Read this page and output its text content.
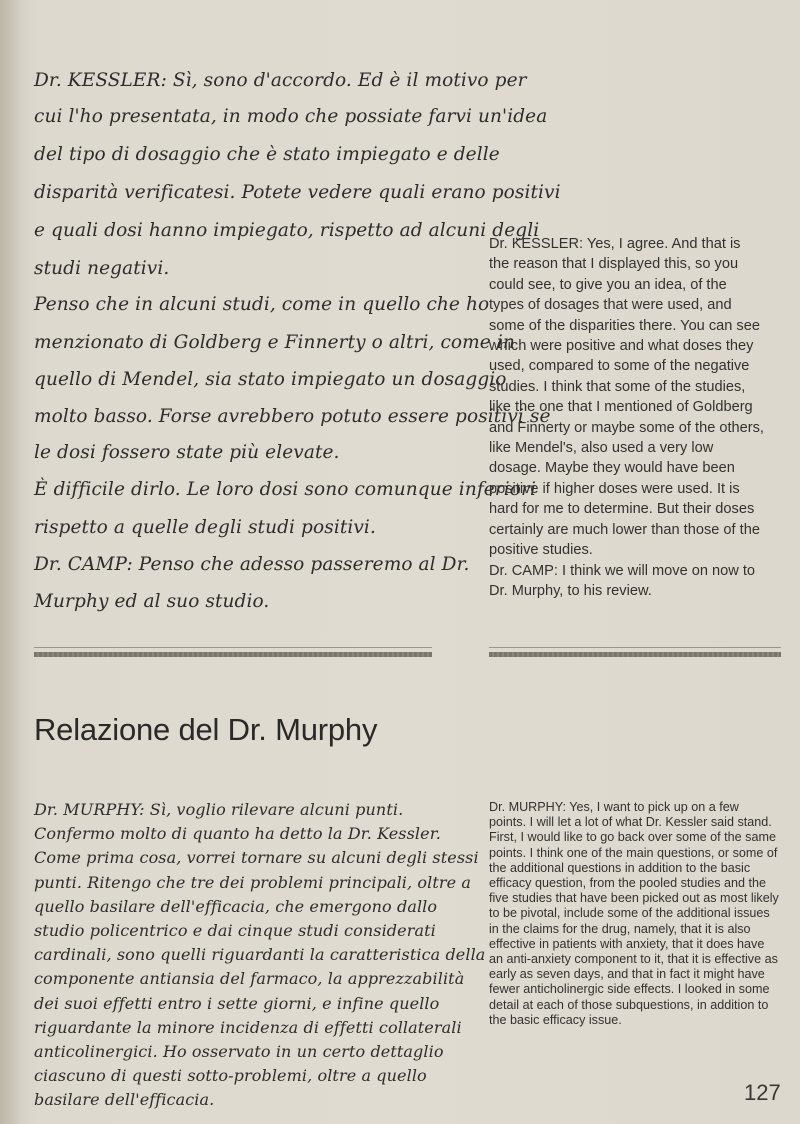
Dr. KESSLER: Sì, sono d'accordo. Ed è il motivo per
cui l'ho presentata, in modo che possiate farvi un'idea
del tipo di dosaggio che è stato impiegato e delle
disparità verificatesi. Potete vedere quali erano positivi
e quali dosi hanno impiegato, rispetto ad alcuni degli
studi negativi.
Penso che in alcuni studi, come in quello che ho
menzionato di Goldberg e Finnerty o altri, come in
quello di Mendel, sia stato impiegato un dosaggio
molto basso. Forse avrebbero potuto essere positivi se
le dosi fossero state più elevate.
È difficile dirlo. Le loro dosi sono comunque inferiori
rispetto a quelle degli studi positivi.
Dr. CAMP: Penso che adesso passeremo al Dr.
Murphy ed al suo studio.

Dr. KESSLER: Yes, I agree. And that is the reason that I displayed this, so you could see, to give you an idea, of the types of dosages that were used, and some of the disparities there. You can see which were positive and what doses they used, compared to some of the negative studies. I think that some of the studies, like the one that I mentioned of Goldberg and Finnerty or maybe some of the others, like Mendel's, also used a very low dosage. Maybe they would have been positive if higher doses were used. It is hard for me to determine. But their doses certainly are much lower than those of the positive studies.

Dr. CAMP: I think we will move on now to Dr. Murphy, to his review.

Relazione del Dr. Murphy
Dr. MURPHY: Sì, voglio rilevare alcuni punti.
Confermo molto di quanto ha detto la Dr. Kessler.
Come prima cosa, vorrei tornare su alcuni degli stessi
punti. Ritengo che tre dei problemi principali, oltre a
quello basilare dell'efficacia, che emergono dallo
studio policentrico e dai cinque studi considerati
cardinali, sono quelli riguardanti la caratteristica della
componente antiansia del farmaco, la apprezzabilità

Dr. MURPHY: Yes, I want to pick up on a few points. I will let a lot of what Dr. Kessler said stand. First, I would like to go back over some of the same points. I think one of the main questions, or some of the additional questions in addition to the basic efficacy question, from the pooled studies and the five studies that have been picked out as most likely to be pivotal, include some of the additional issues in the claims for the drug, namely, that it is also effective in patients with anxiety, that it does have an anti-anxiety component to it, that it is effective as early as seven days, and that in fact it might have fewer anticholinergic side effects. I looked in some detail at each of those subquestions, in addition to the basic efficacy issue.

127
dei suoi effetti entro i sette giorni, e infine quello
riguardante la minore incidenza di effetti collaterali
anticolinergici. Ho osservato in un certo dettaglio
ciascuno di questi sotto-problemi, oltre a quello
basilare dell'efficacia.
